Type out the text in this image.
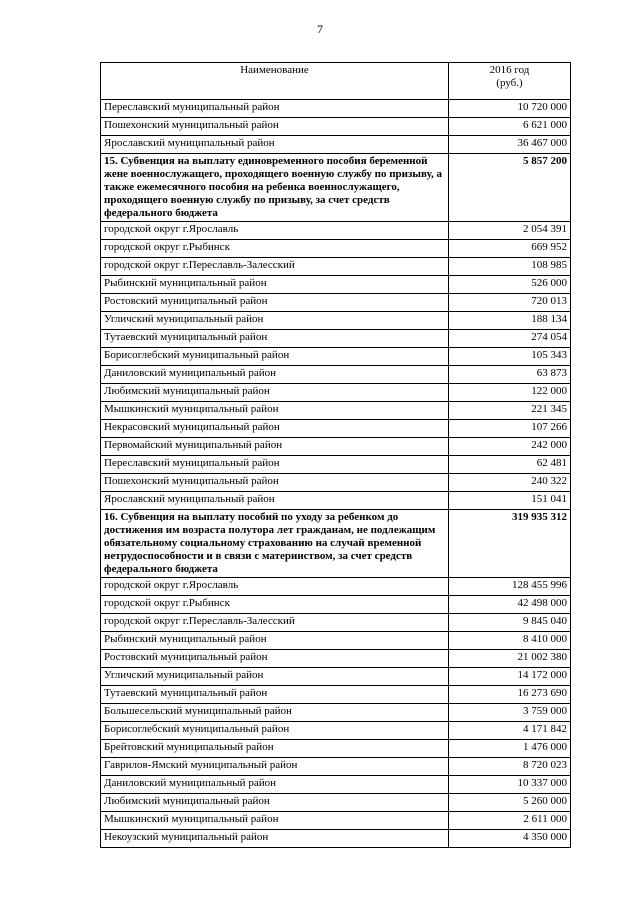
7
Наименование	2016 год
(руб.)

Переславский муниципальный район	10 720 000
Пошехонский муниципальный район	6 621 000
Ярославский муниципальный район	36 467 000
15. Субвенция на выплату единовременного пособия беременной жене военнослужащего, проходящего военную службу по призыву, а также ежемесячного пособия на ребенка военнослужащего, проходящего военную службу по призыву, за счет средств федерального бюджета	5 857 200
городской округ г.Ярославль	2 054 391
городской округ г.Рыбинск	669 952
городской округ г.Переславль-Залесский	108 985
Рыбинский муниципальный район	526 000
Ростовский муниципальный район	720 013
Угличский муниципальный район	188 134
Тутаевский муниципальный район	274 054
Борисоглебский муниципальный район	105 343
Даниловский муниципальный район	63 873
Любимский муниципальный район	122 000
Мышкинский муниципальный район	221 345
Некрасовский муниципальный район	107 266
Первомайский муниципальный район	242 000
Переславский муниципальный район	62 481
Пошехонский муниципальный район	240 322
Ярославский муниципальный район	151 041
16. Субвенция на выплату пособий по уходу за ребенком до достижения им возраста полутора лет гражданам, не подлежащим обязательному социальному страхованию на случай временной нетрудоспособности и в связи с материнством, за счет средств федерального бюджета	319 935 312
городской округ г.Ярославль	128 455 996
городской округ г.Рыбинск	42 498 000
городской округ г.Переславль-Залесский	9 845 040
Рыбинский муниципальный район	8 410 000
Ростовский муниципальный район	21 002 380
Угличский муниципальный район	14 172 000
Тутаевский муниципальный район	16 273 690
Большесельский муниципальный район	3 759 000
Борисоглебский муниципальный район	4 171 842
Брейтовский муниципальный район	1 476 000
Гаврилов-Ямский муниципальный район	8 720 023
Даниловский муниципальный район	10 337 000
Любимский муниципальный район	5 260 000
Мышкинский муниципальный район	2 611 000
Некоузский муниципальный район	4 350 000
